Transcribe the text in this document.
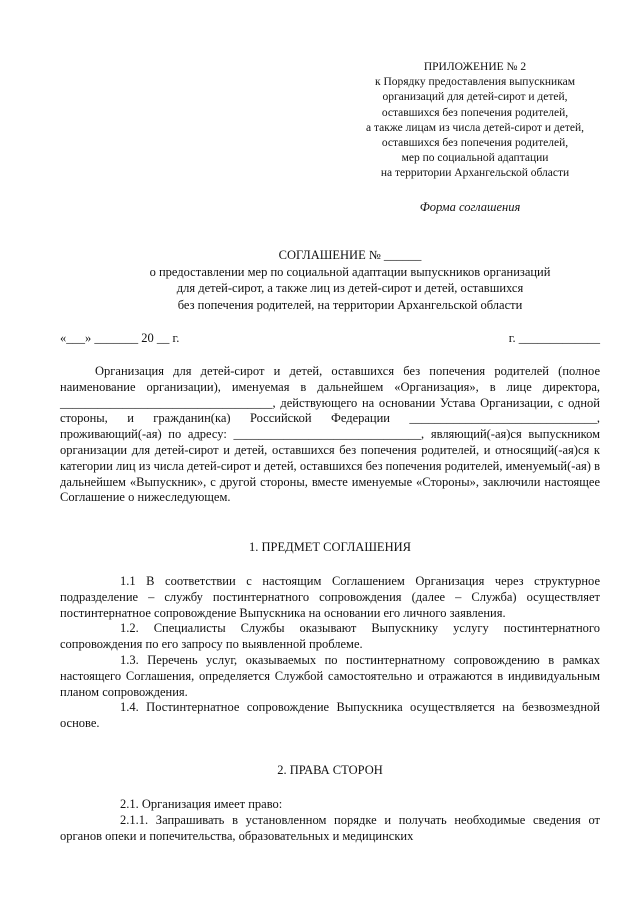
ПРИЛОЖЕНИЕ № 2
к Порядку предоставления выпускникам
организаций для детей-сирот и детей,
оставшихся без попечения родителей,
а также лицам из числа детей-сирот и детей,
оставшихся без попечения родителей,
мер по социальной адаптации
на территории Архангельской области
Форма соглашения
СОГЛАШЕНИЕ № ______
о предоставлении мер по социальной адаптации выпускников организаций
для детей-сирот, а также лиц из детей-сирот и детей, оставшихся
без попечения родителей, на территории Архангельской области
«___» _______ 20 __ г.	г. _____________

Организация для детей-сирот и детей, оставшихся без попечения родителей (полное наименование организации), именуемая в дальнейшем «Организация», в лице директора, __________________________________, действующего на основании Устава Организации, с одной стороны, и гражданин(ка) Российской Федерации ______________________________, проживающий(-ая) по адресу: ______________________________, являющий(-ая)ся выпускником организации для детей-сирот и детей, оставшихся без попечения родителей, и относящий(-ая)ся к категории лиц из числа детей-сирот и детей, оставшихся без попечения родителей, именуемый(-ая) в дальнейшем «Выпускник», с другой стороны, вместе именуемые «Стороны», заключили настоящее Соглашение о нижеследующем.

1. ПРЕДМЕТ СОГЛАШЕНИЯ

1.1 В соответствии с настоящим Соглашением Организация через структурное подразделение – службу постинтернатного сопровождения (далее – Служба) осуществляет постинтернатное сопровождение Выпускника на основании его личного заявления.

1.2. Специалисты Службы оказывают Выпускнику услугу постинтернатного сопровождения по его запросу по выявленной проблеме.

1.3. Перечень услуг, оказываемых по постинтернатному сопровождению в рамках настоящего Соглашения, определяется Службой самостоятельно и отражаются в индивидуальным планом сопровождения.

1.4. Постинтернатное сопровождение Выпускника осуществляется на безвозмездной основе.

2. ПРАВА СТОРОН

2.1. Организация имеет право:

2.1.1. Запрашивать в установленном порядке и получать необходимые сведения от органов опеки и попечительства, образовательных и медицинских
